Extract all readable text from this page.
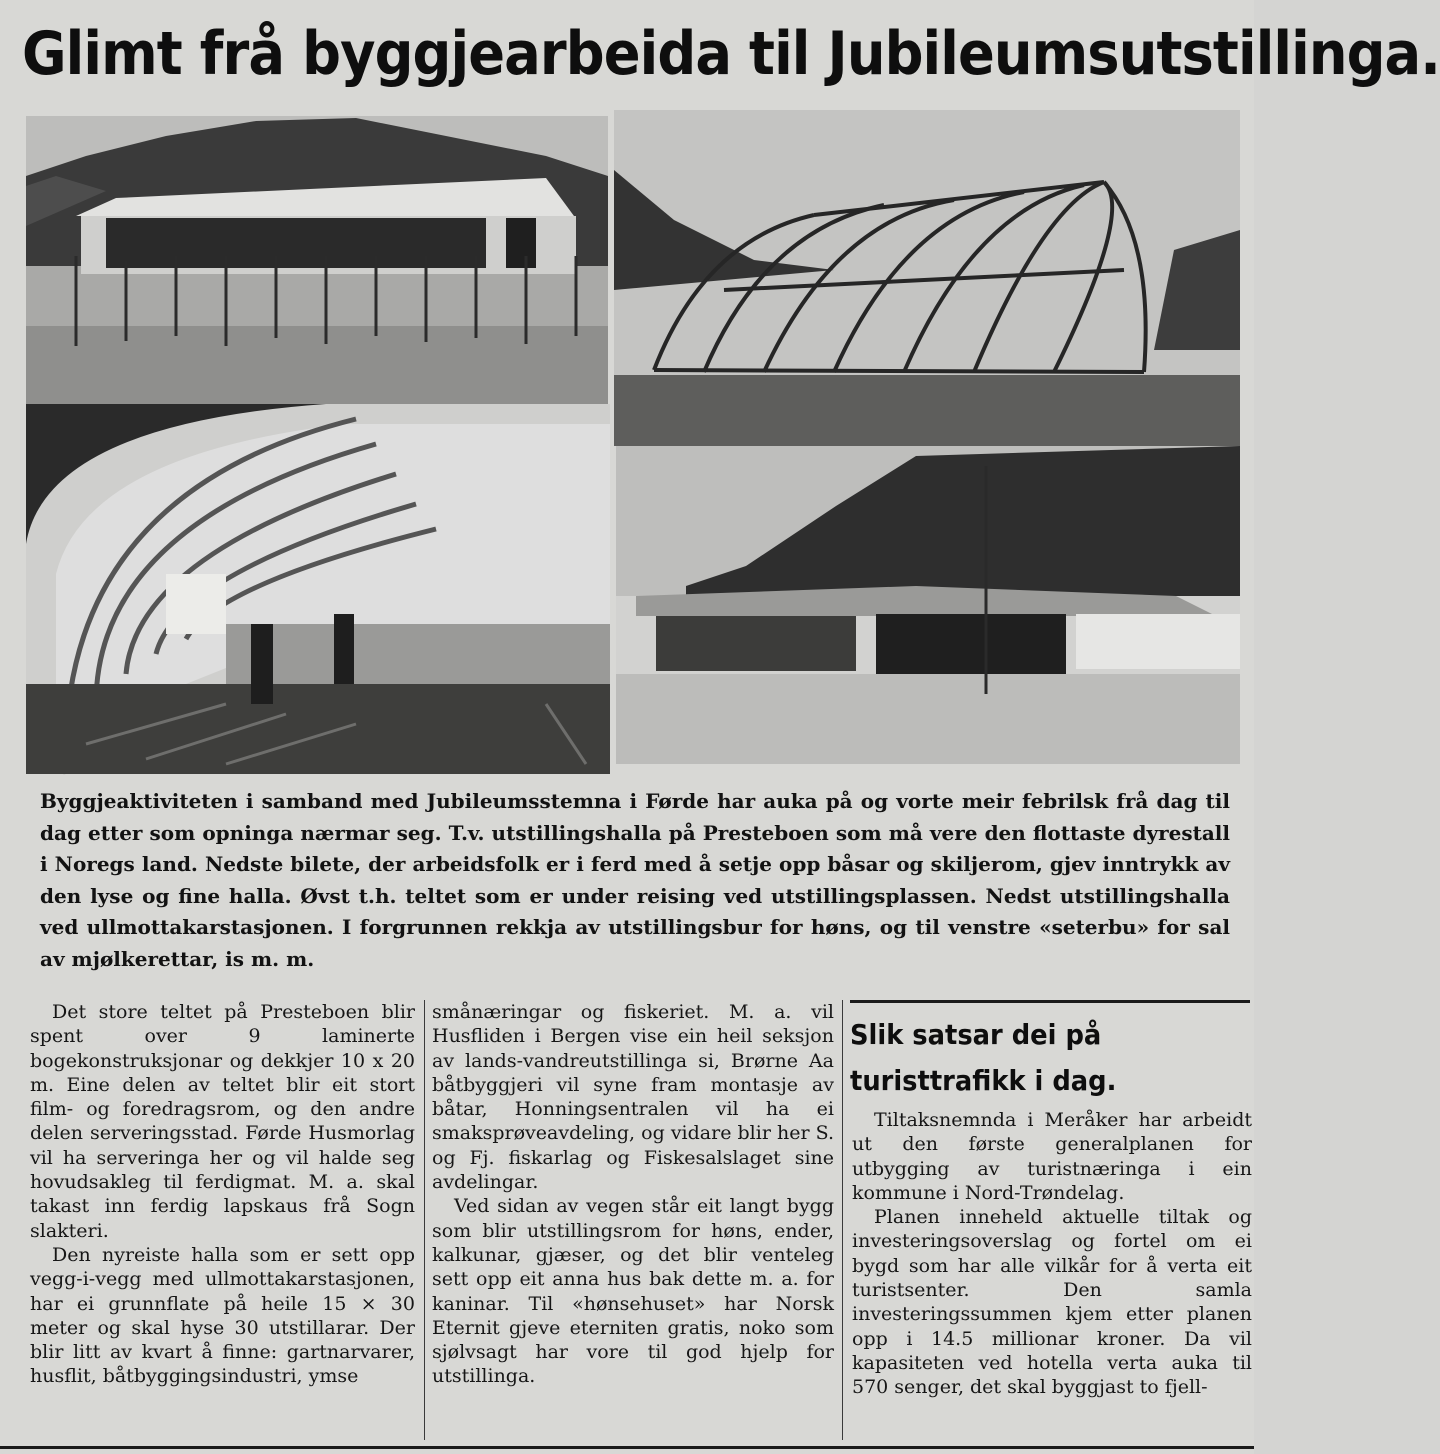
Glimt frå byggjearbeida til Jubileumsutstillinga.
Byggjeaktiviteten i samband med Jubileumsstemna i Førde har auka på og vorte meir febrilsk frå dag til dag etter som opninga nærmar seg. T.v. utstillingshalla på Presteboen som må vere den flottaste dyrestall i Noregs land. Nedste bilete, der arbeidsfolk er i ferd med å setje opp båsar og skiljerom, gjev inntrykk av den lyse og fine halla. Øvst t.h. teltet som er under reising ved utstillingsplassen. Nedst utstillingshalla ved ullmottakarstasjonen. I forgrunnen rekkja av utstillingsbur for høns, og til venstre «seterbu» for sal av mjølkerettar, is m. m.

Det store teltet på Presteboen blir spent over 9 laminerte bogekonstruksjonar og dekkjer 10 x 20 m. Eine delen av teltet blir eit stort film- og foredragsrom, og den andre delen serveringsstad. Førde Husmorlag vil ha serveringa her og vil halde seg hovudsakleg til ferdigmat. M. a. skal takast inn ferdig lapskaus frå Sogn slakteri.

Den nyreiste halla som er sett opp vegg-i-vegg med ullmottakarstasjonen, har ei grunnflate på heile 15 × 30 meter og skal hyse 30 utstillarar. Der blir litt av kvart å finne: gartnarvarer, husflit, båtbyggingsindustri, ymse

smånæringar og fiskeriet. M. a. vil Husfliden i Bergen vise ein heil seksjon av lands-vandreutstillinga si, Brørne Aa båtbyggjeri vil syne fram montasje av båtar, Honningsentralen vil ha ei smaksprøveavdeling, og vidare blir her S. og Fj. fiskarlag og Fiskesalslaget sine avdelingar.

Ved sidan av vegen står eit langt bygg som blir utstillingsrom for høns, ender, kalkunar, gjæser, og det blir venteleg sett opp eit anna hus bak dette m. a. for kaninar. Til «hønsehuset» har Norsk Eternit gjeve eterniten gratis, noko som sjølvsagt har vore til god hjelp for utstillinga.

Slik satsar dei på turisttrafikk i dag.

Tiltaksnemnda i Meråker har arbeidt ut den første generalplanen for utbygging av turistnæringa i ein kommune i Nord-Trøndelag.

Planen inneheld aktuelle tiltak og investeringsoverslag og fortel om ei bygd som har alle vilkår for å verta eit turistsenter. Den samla investeringssummen kjem etter planen opp i 14.5 millionar kroner. Da vil kapasiteten ved hotella verta auka til 570 senger, det skal byggjast to fjell-
